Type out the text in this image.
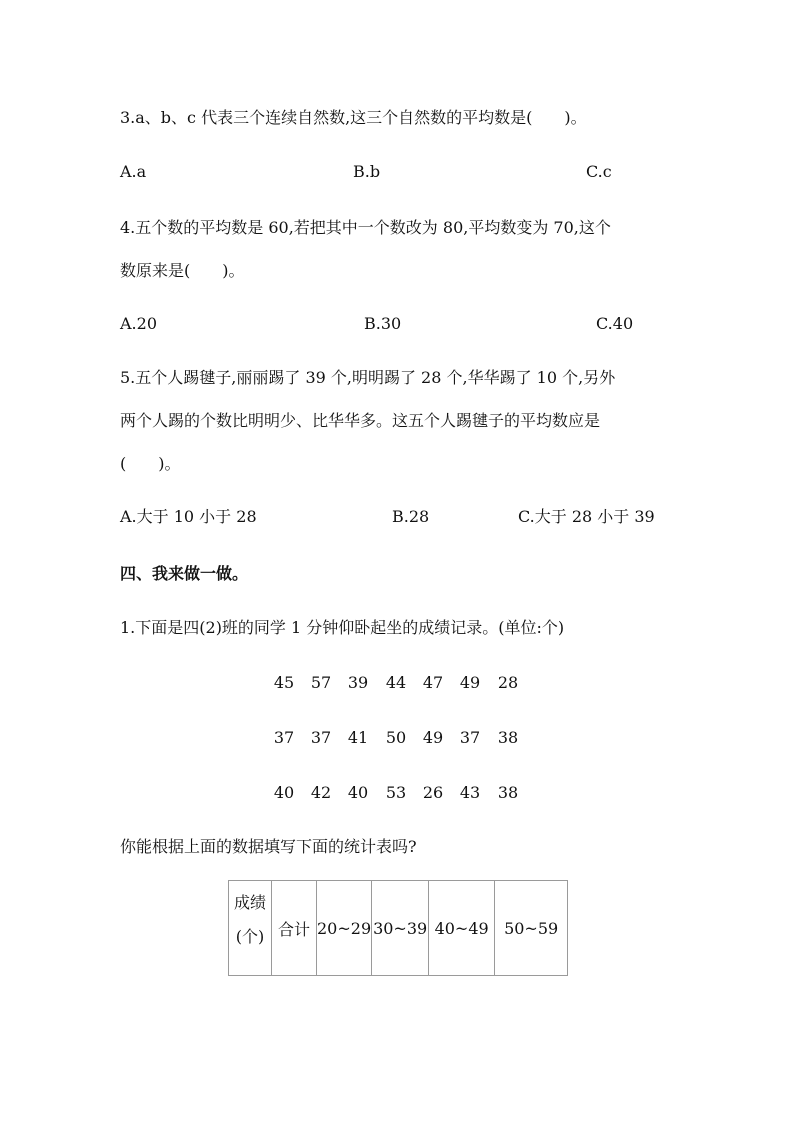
3.a、b、c 代表三个连续自然数,这三个自然数的平均数是(　　)。
A.a	B.b	C.c
4.五个数的平均数是 60,若把其中一个数改为 80,平均数变为 70,这个
数原来是(　　)。
A.20	B.30	C.40
5.五个人踢毽子,丽丽踢了 39 个,明明踢了 28 个,华华踢了 10 个,另外
两个人踢的个数比明明少、比华华多。这五个人踢毽子的平均数应是
(　　)。
A.大于 10 小于 28	B.28	C.大于 28 小于 39
四、我来做一做。
1.下面是四(2)班的同学 1 分钟仰卧起坐的成绩记录。(单位:个)
45	57	39	44	47	49	28
37	37	41	50	49	37	38
40	42	40	53	26	43	38
你能根据上面的数据填写下面的统计表吗?
成绩
(个)	合计	20~29	30~39	40~49	50~59
